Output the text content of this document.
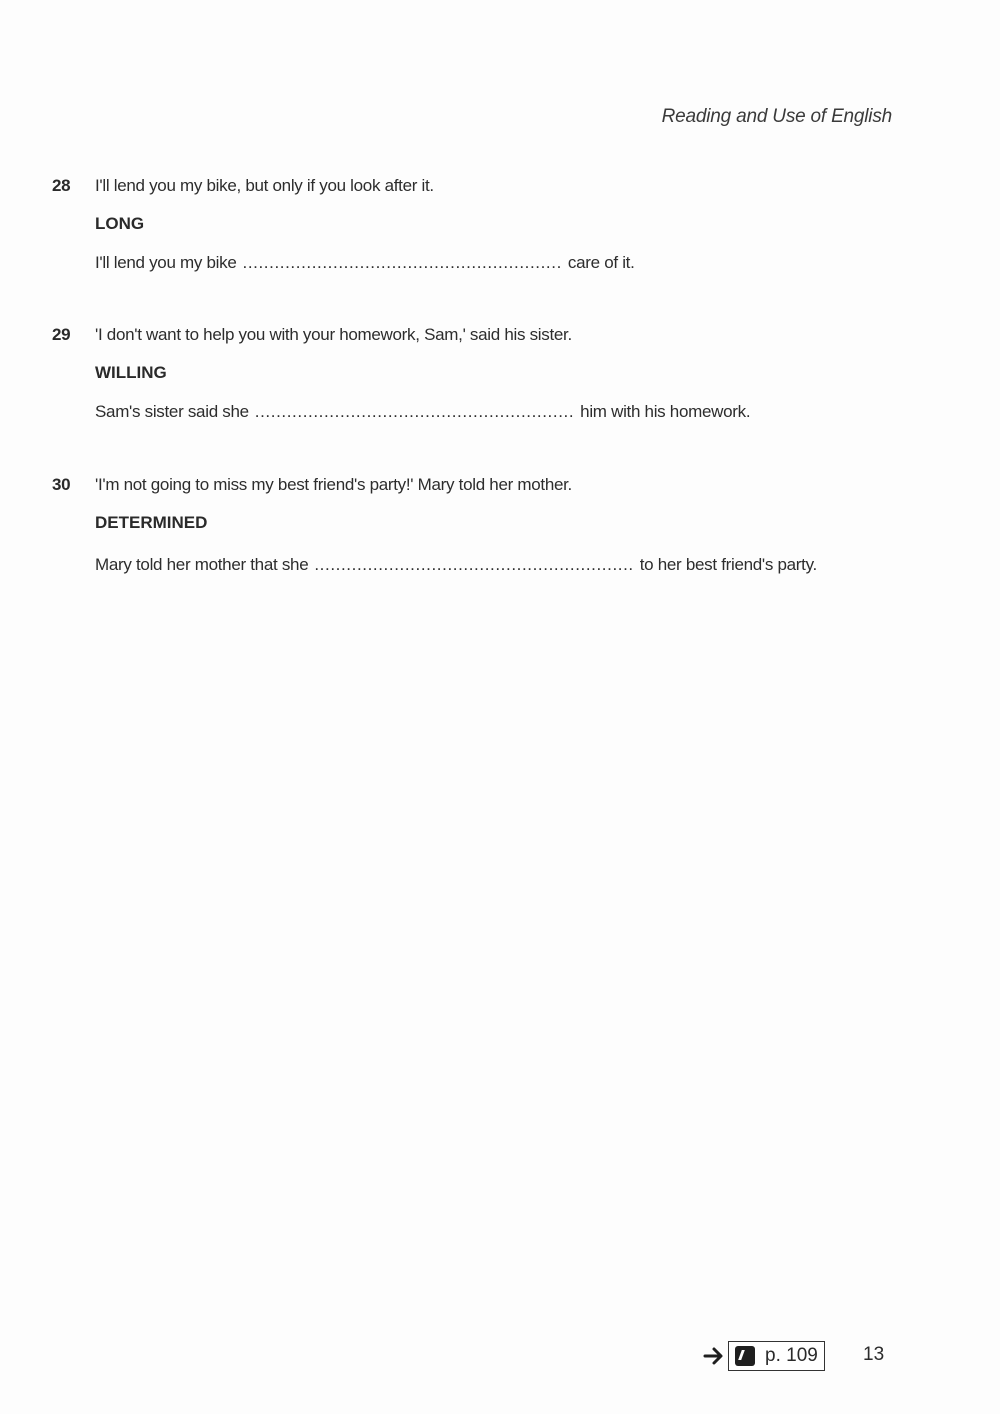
Reading and Use of English
28 I'll lend you my bike, but only if you look after it.
LONG
I'll lend you my bike ............................................................ care of it.
29 'I don't want to help you with your homework, Sam,' said his sister.
WILLING
Sam's sister said she ............................................................ him with his homework.
30 'I'm not going to miss my best friend's party!' Mary told her mother.
DETERMINED
Mary told her mother that she ............................................................ to her best friend's party.
p. 109 13
